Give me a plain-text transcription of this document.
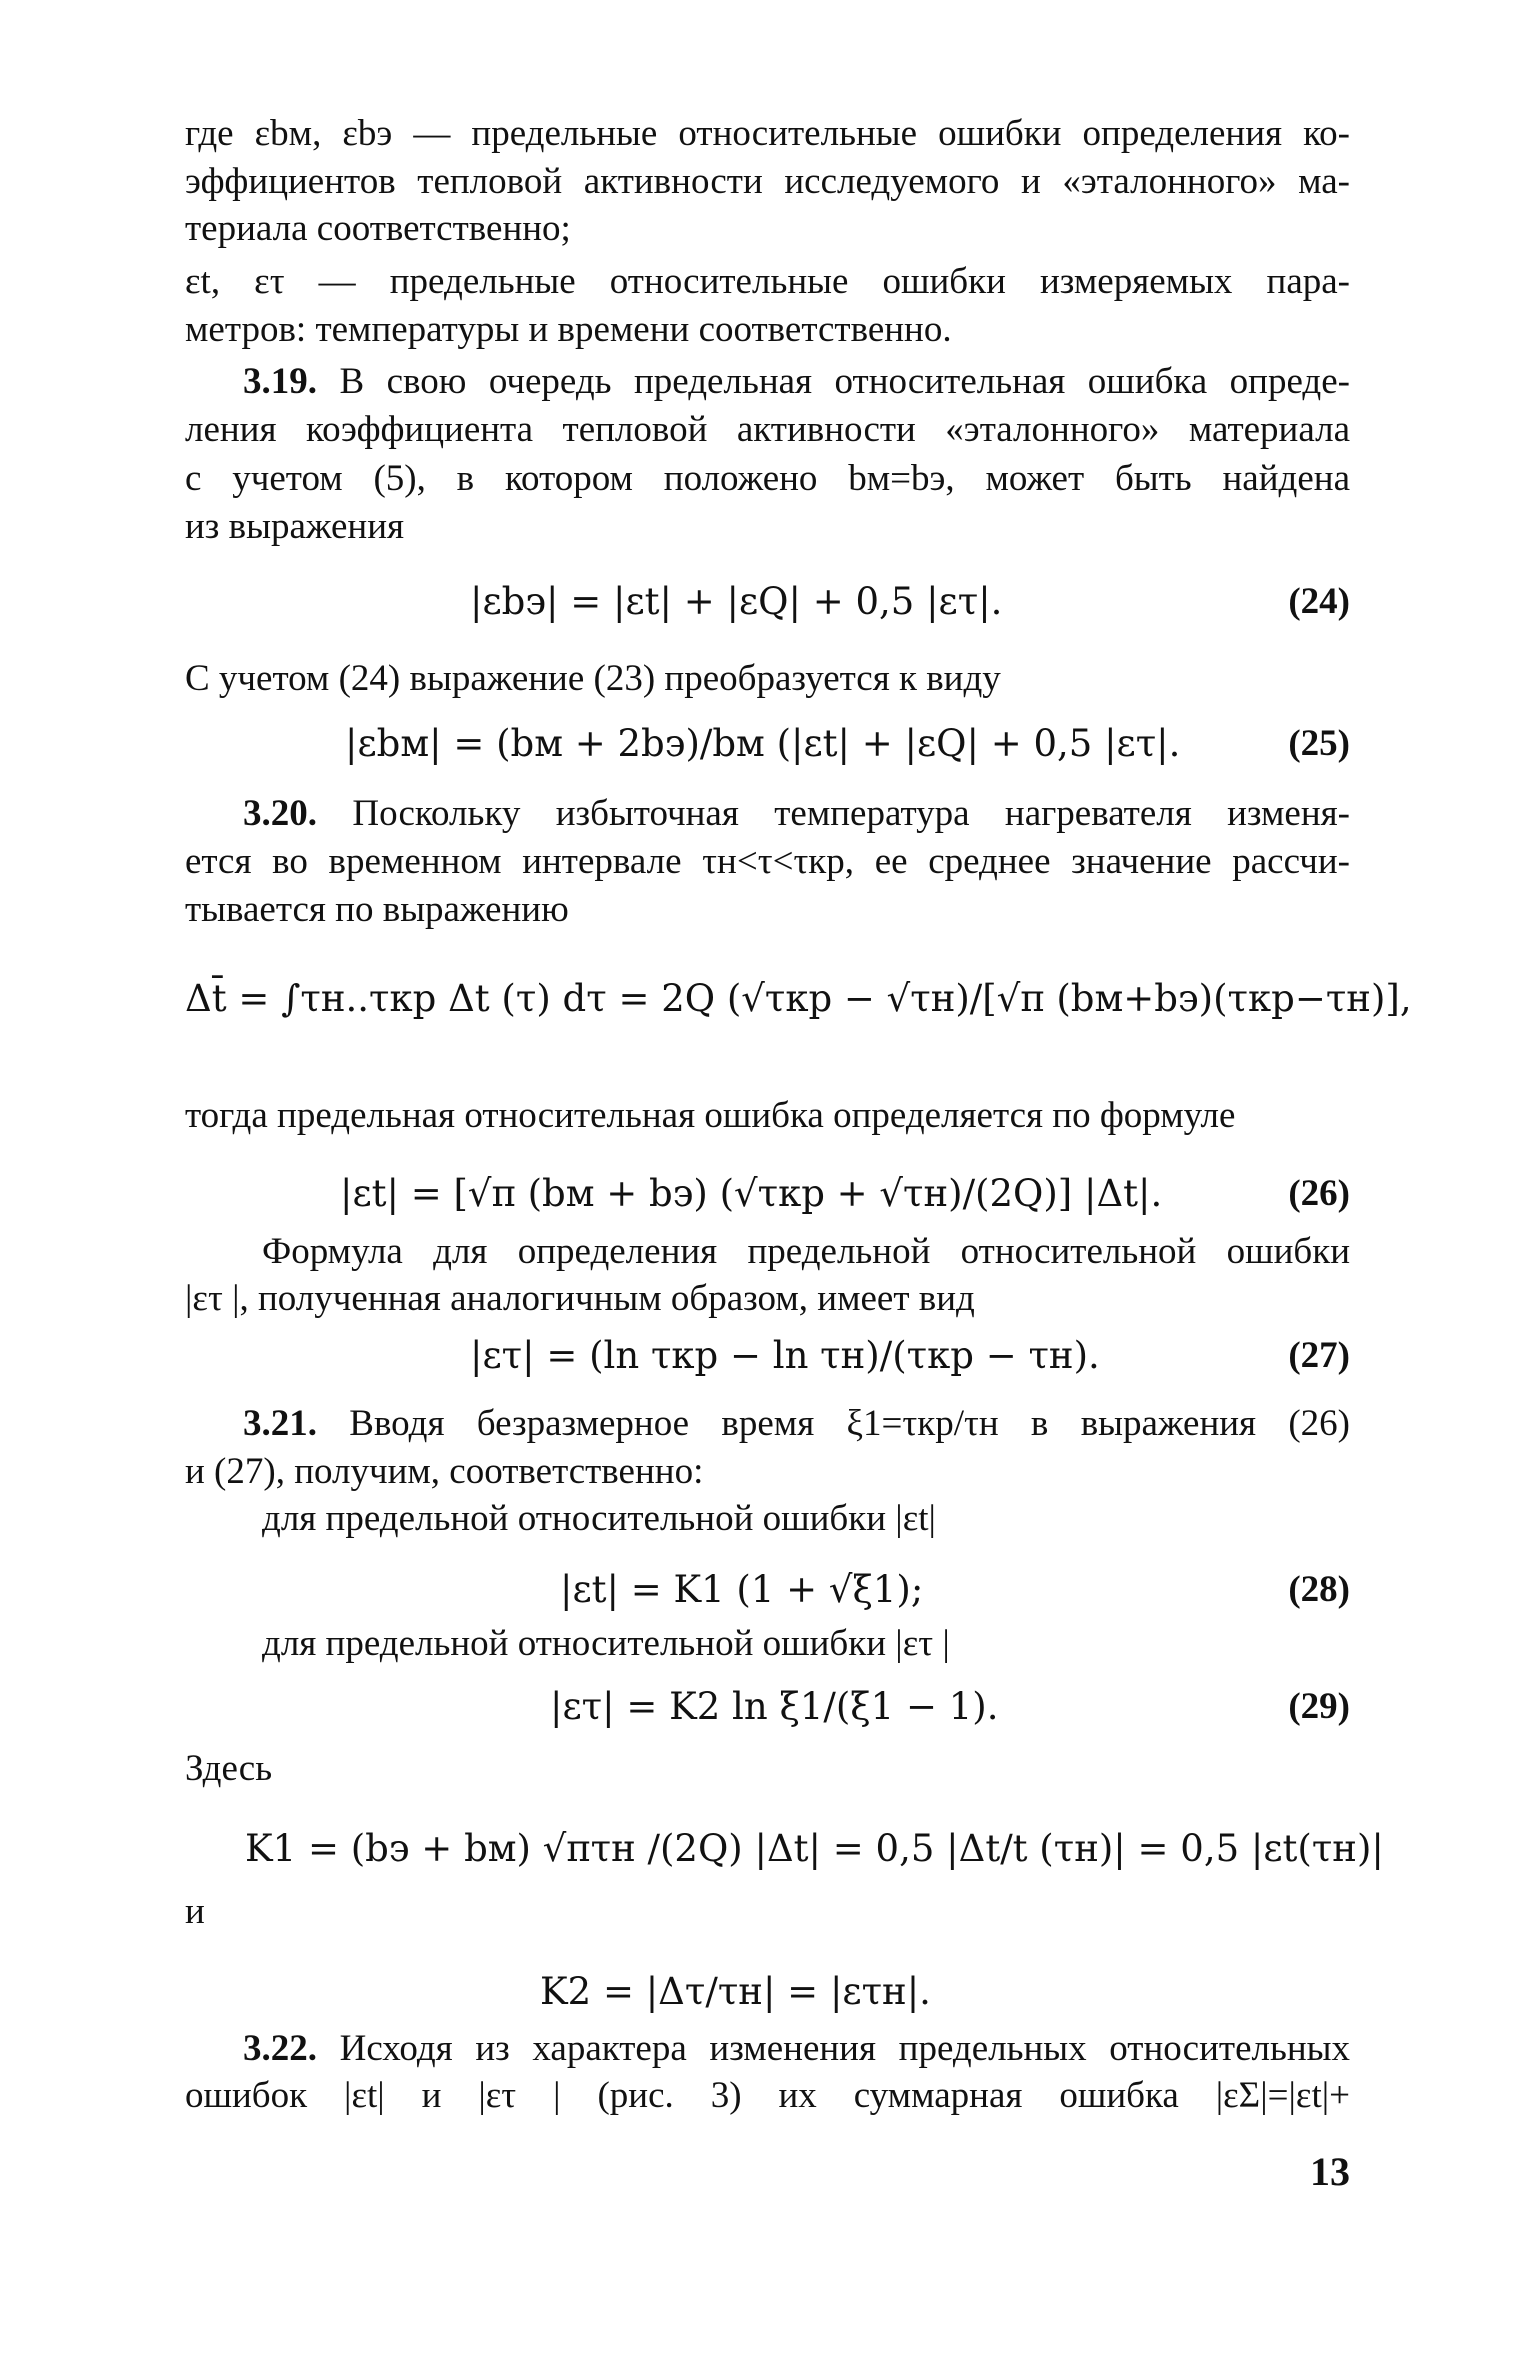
где εbм, εbэ — предельные относительные ошибки определения ко-
эффициентов тепловой активности исследуемого и «эталонного» ма-
териала соответственно;
εt, ετ — предельные относительные ошибки измеряемых пара-
метров: температуры и времени соответственно.
3.19. В свою очередь предельная относительная ошибка опреде-
ления коэффициента тепловой активности «эталонного» материала
с учетом (5), в котором положено bм=bэ, может быть найдена
из выражения
|εbэ| = |εt| + |εQ| + 0,5 |ετ|.	(24)
С учетом (24) выражение (23) преобразуется к виду
|εbм| = (bм + 2bэ)/bм (|εt| + |εQ| + 0,5 |ετ|.	(25)
3.20. Поскольку избыточная температура нагревателя изменя-
ется во временном интервале τн<τ<τкр, ее среднее значение рассчи-
тывается по выражению
Δt̄ = ∫τн..τкр Δt (τ) dτ = 2Q (√τкр − √τн)/[√π (bм+bэ)(τкр−τн)],
тогда предельная относительная ошибка определяется по формуле
|εt| = [√π (bм + bэ) (√τкр + √τн)/(2Q)] |Δt|.	(26)
Формула для определения предельной относительной ошибки
|ετ |, полученная аналогичным образом, имеет вид
|ετ| = (ln τкр − ln τн)/(τкр − τн).	(27)
3.21. Вводя безразмерное время ξ1=τкр/τн в выражения (26)
и (27), получим, соответственно:
для предельной относительной ошибки |εt|
|εt| = K1 (1 + √ξ1);	(28)
для предельной относительной ошибки |ετ |
|ετ| = K2 ln ξ1/(ξ1 − 1).	(29)
Здесь
K1 = (bэ + bм) √πτн /(2Q) |Δt| = 0,5 |Δt/t (τн)| = 0,5 |εt(τн)|
и
K2 = |Δτ/τн| = |ετн|.
3.22. Исходя из характера изменения предельных относительных
ошибок |εt| и |ετ | (рис. 3) их суммарная ошибка |εΣ|=|εt|+
13
